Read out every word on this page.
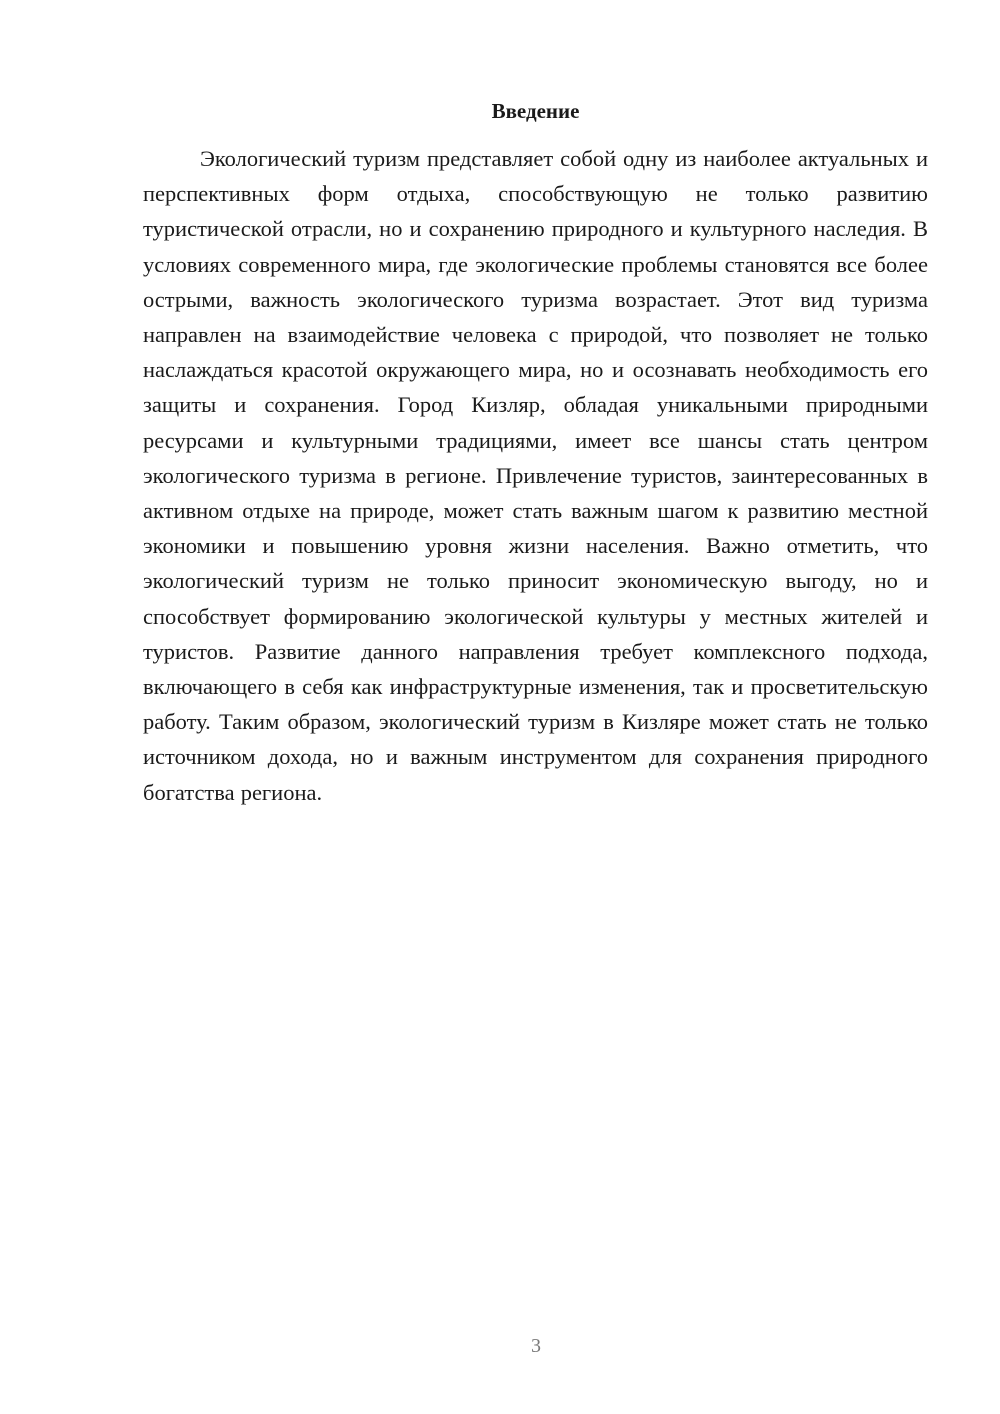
Введение

Экологический туризм представляет собой одну из наиболее актуальных и перспективных форм отдыха, способствующую не только развитию туристической отрасли, но и сохранению природного и культурного наследия. В условиях современного мира, где экологические проблемы становятся все более острыми, важность экологического туризма возрастает. Этот вид туризма направлен на взаимодействие человека с природой, что позволяет не только наслаждаться красотой окружающего мира, но и осознавать необходимость его защиты и сохранения. Город Кизляр, обладая уникальными природными ресурсами и культурными традициями, имеет все шансы стать центром экологического туризма в регионе. Привлечение туристов, заинтересованных в активном отдыхе на природе, может стать важным шагом к развитию местной экономики и повышению уровня жизни населения. Важно отметить, что экологический туризм не только приносит экономическую выгоду, но и способствует формированию экологической культуры у местных жителей и туристов. Развитие данного направления требует комплексного подхода, включающего в себя как инфраструктурные изменения, так и просветительскую работу. Таким образом, экологический туризм в Кизляре может стать не только источником дохода, но и важным инструментом для сохранения природного богатства региона.

3
